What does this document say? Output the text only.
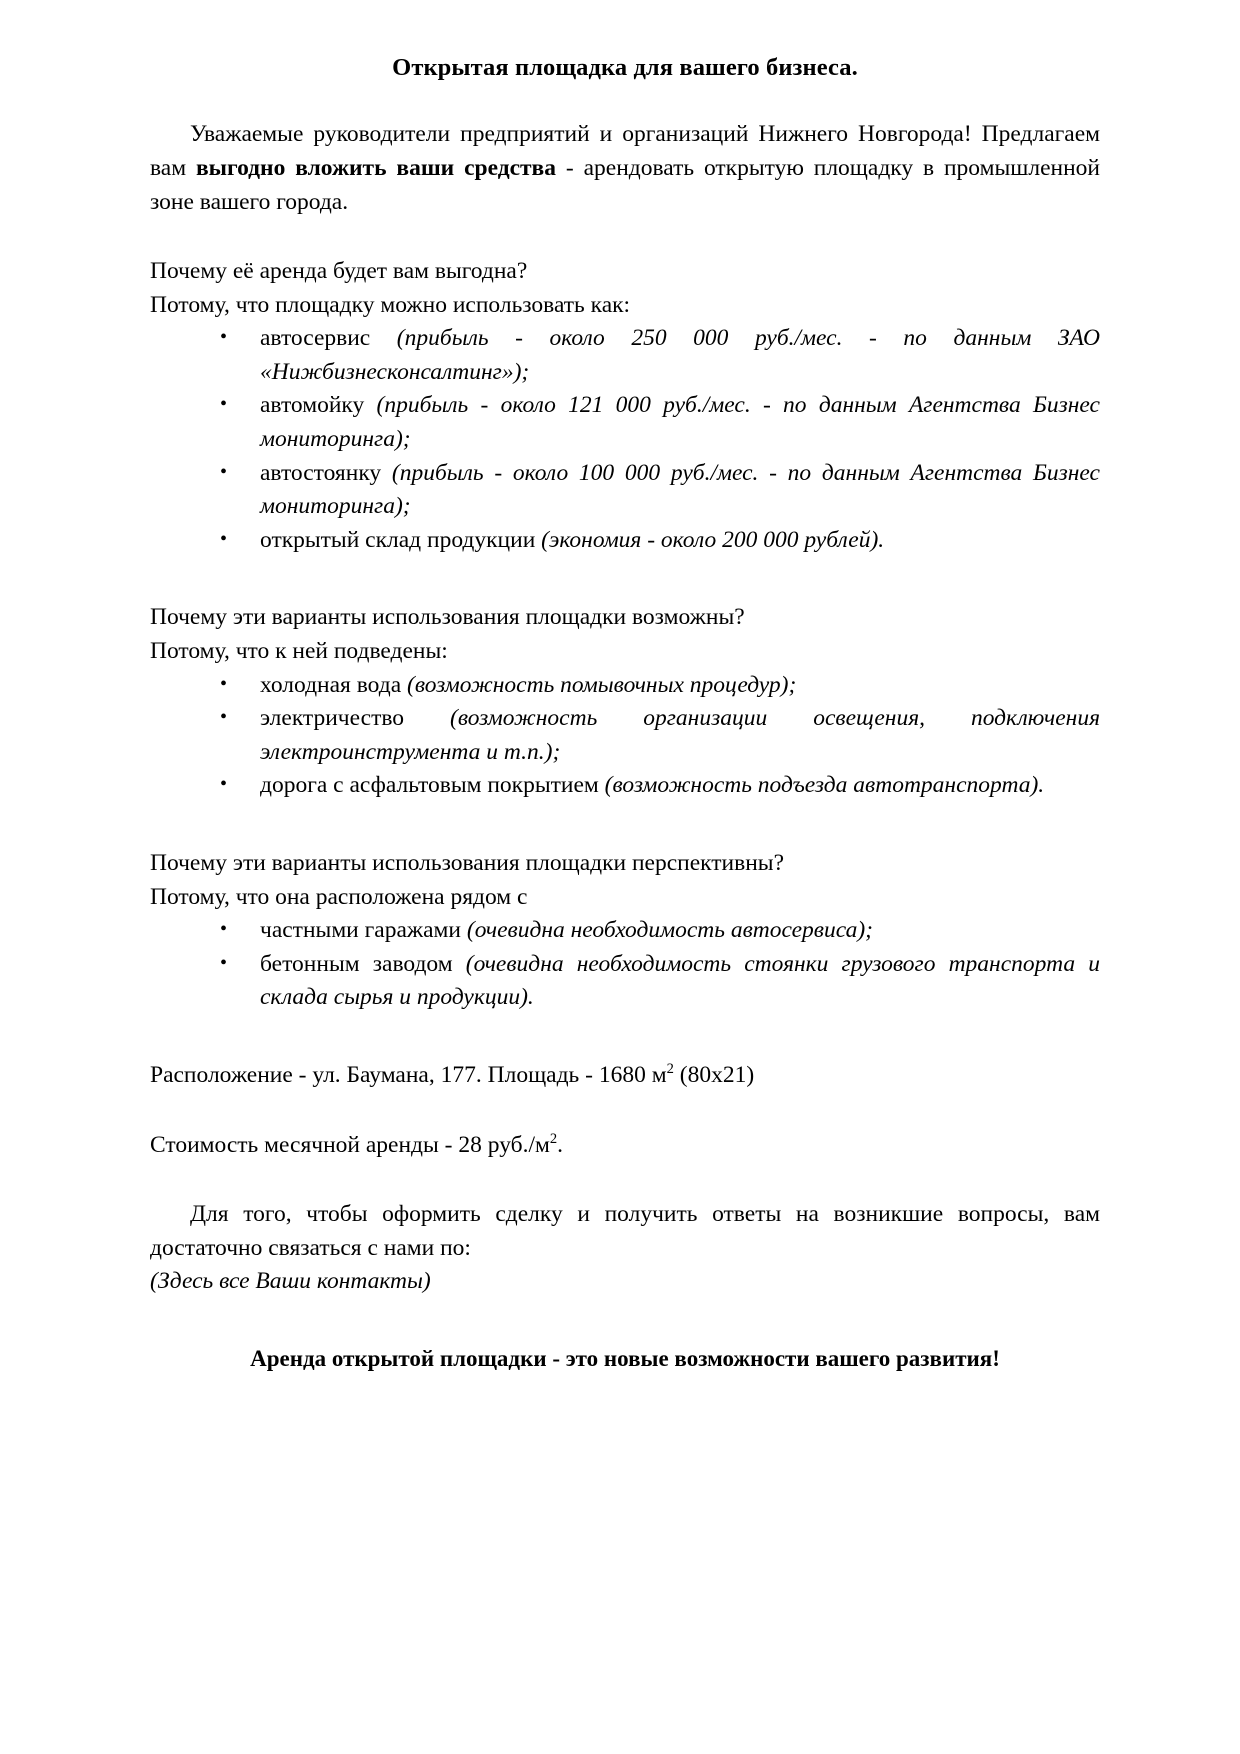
Открытая площадка для вашего бизнеса.

Уважаемые руководители предприятий и организаций Нижнего Новгорода! Предлагаем вам выгодно вложить ваши средства - арендовать открытую площадку в промышленной зоне вашего города.

Почему её аренда будет вам выгодна?

Потому, что площадку можно использовать как:

• автосервис (прибыль - около 250 000 руб./мес. - по данным ЗАО «Нижбизнесконсалтинг»);
• автомойку (прибыль - около 121 000 руб./мес. - по данным Агентства Бизнес мониторинга);
• автостоянку (прибыль - около 100 000 руб./мес. - по данным Агентства Бизнес мониторинга);
• открытый склад продукции (экономия - около 200 000 рублей).

Почему эти варианты использования площадки возможны?

Потому, что к ней подведены:

• холодная вода (возможность помывочных процедур);
• электричество (возможность организации освещения, подключения электроинструмента и т.п.);
• дорога с асфальтовым покрытием (возможность подъезда автотранспорта).

Почему эти варианты использования площадки перспективны?

Потому, что она расположена рядом с

• частными гаражами (очевидна необходимость автосервиса);
• бетонным заводом (очевидна необходимость стоянки грузового транспорта и склада сырья и продукции).

Расположение - ул. Баумана, 177. Площадь - 1680 $м^2$ (80х21)

Стоимость месячной аренды - 28 $руб./м^2$.

Для того, чтобы оформить сделку и получить ответы на возникшие вопросы, вам достаточно связаться с нами по:

(Здесь все Ваши контакты)

Аренда открытой площадки - это новые возможности вашего развития!
